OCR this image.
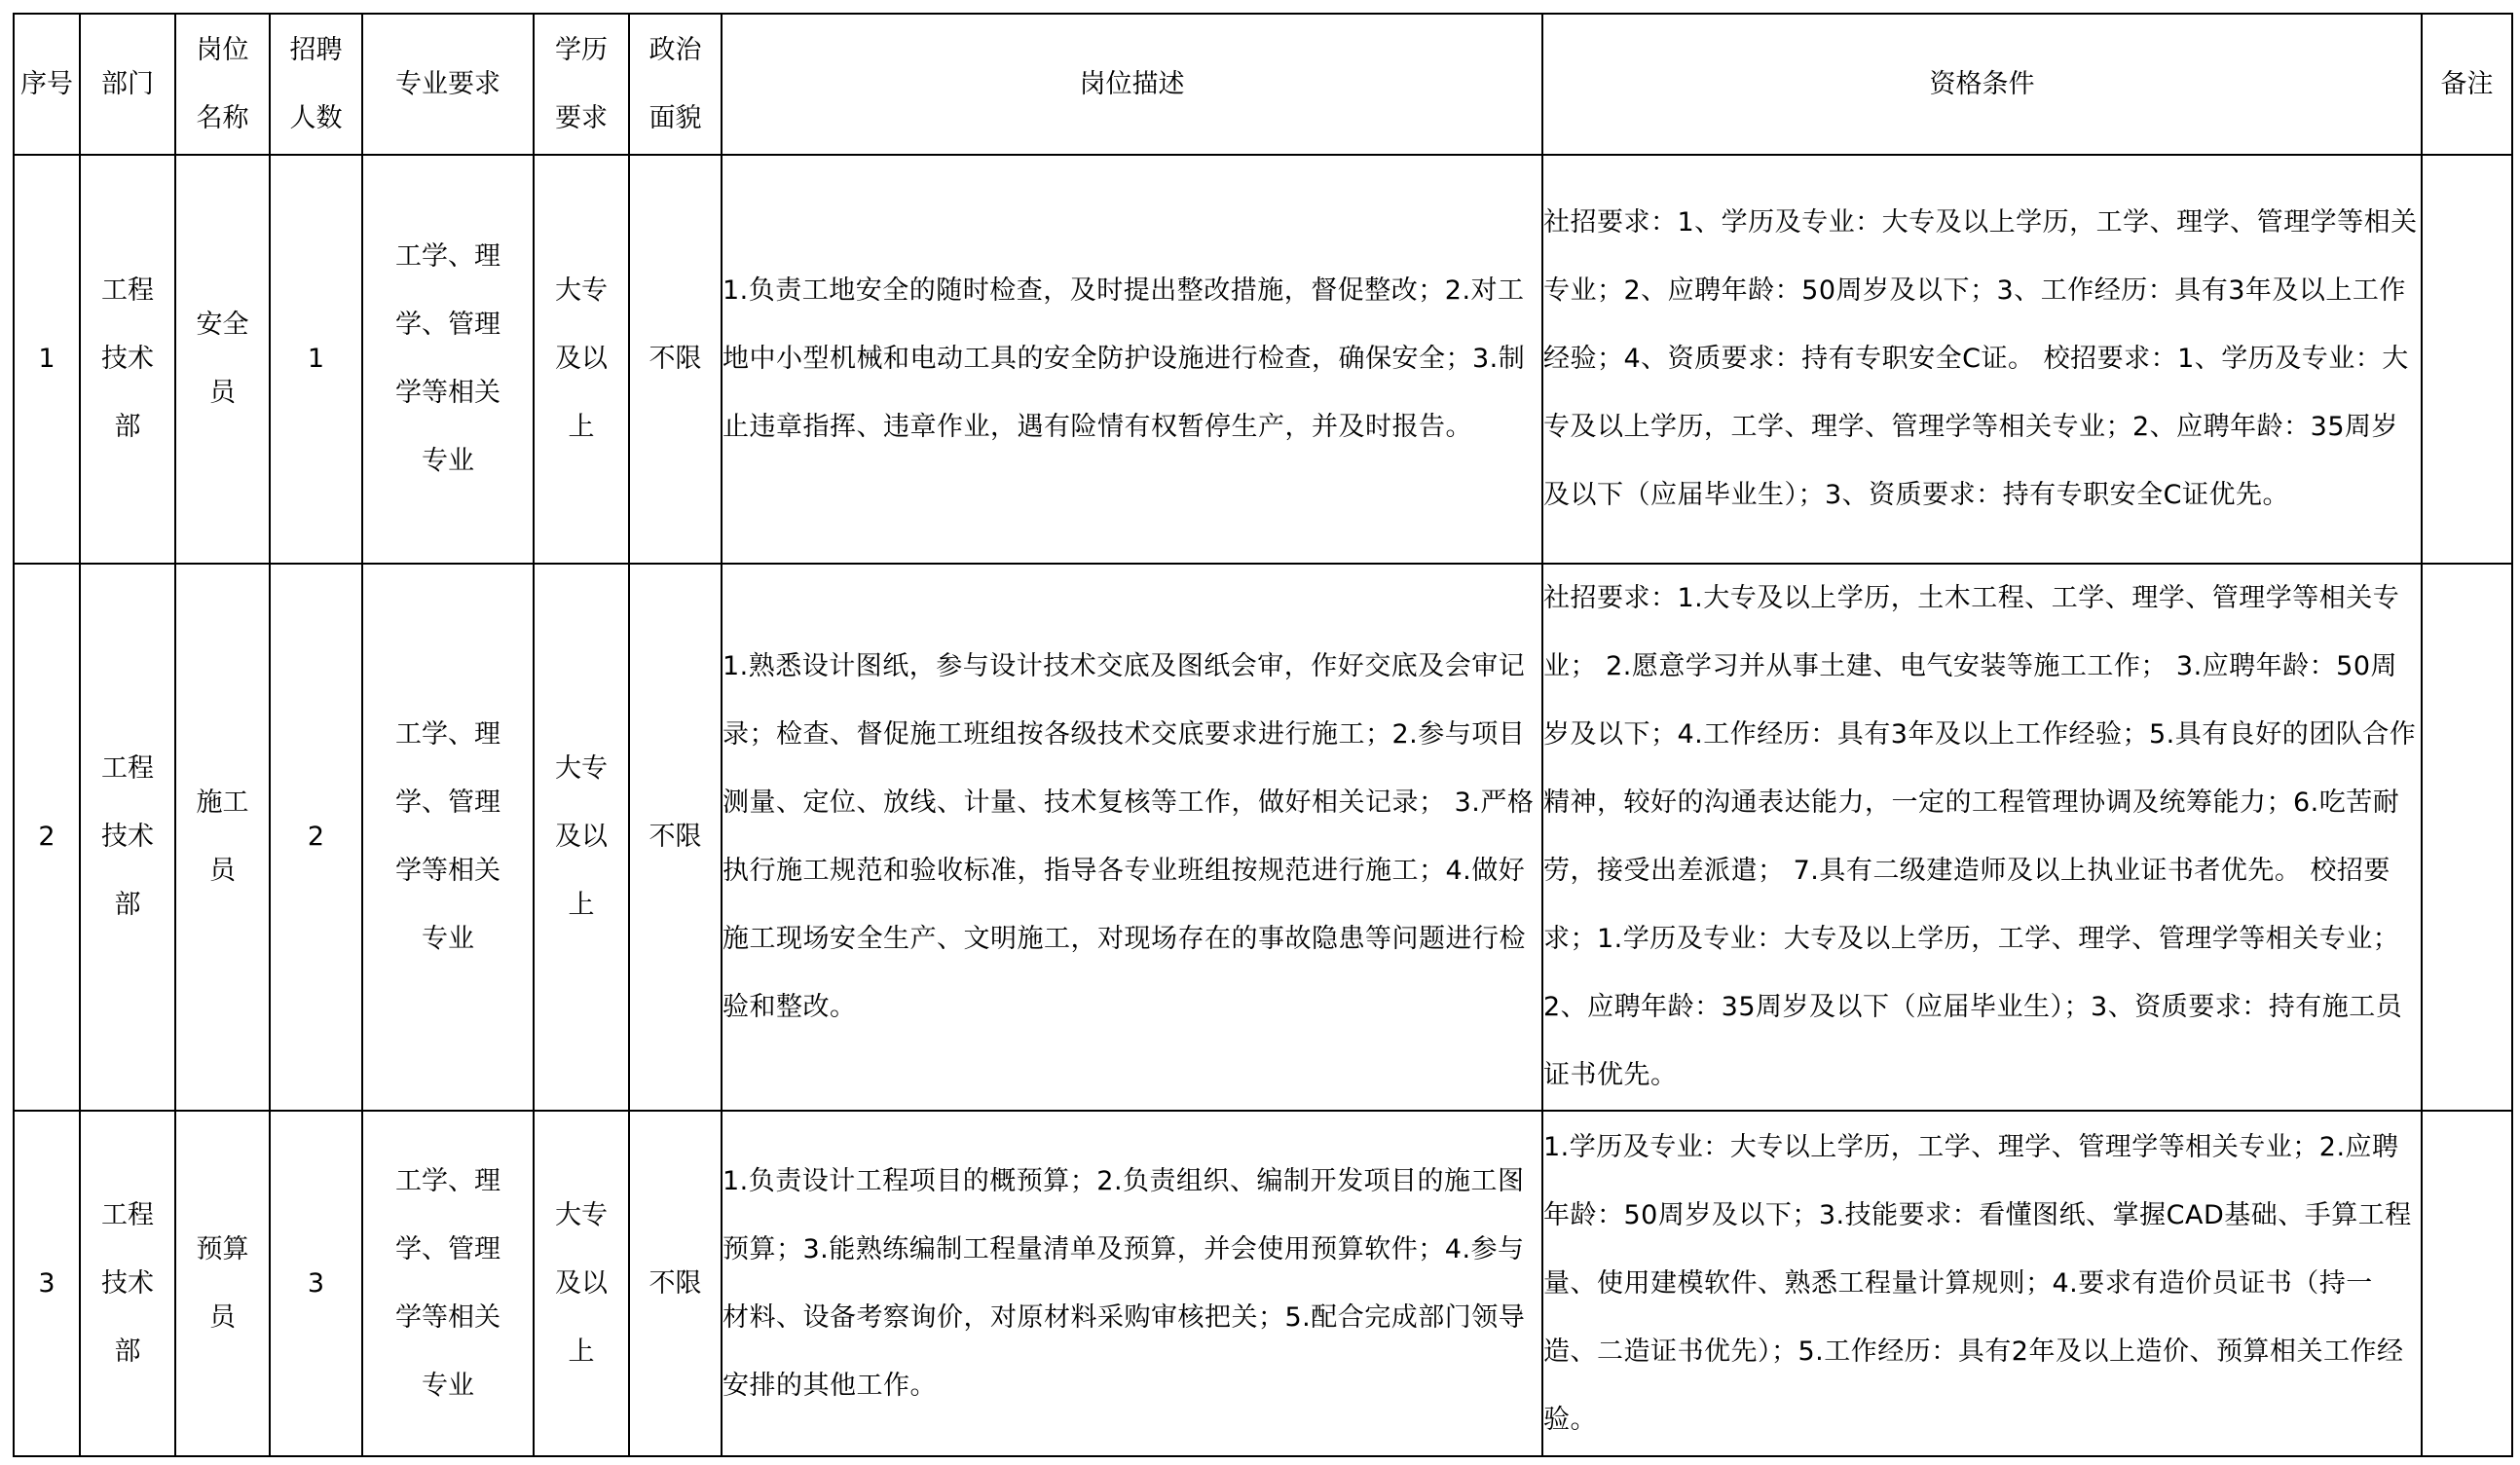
序号	部门	岗位名称	招聘人数	专业要求	学历要求	政治面貌	岗位描述	资格条件	备注
1	工程技术部	安全员	1	工学、理学、管理学等相关专业	大专及以上	不限	1.负责工地安全的随时检查，及时提出整改措施，督促整改；2.对工地中小型机械和电动工具的安全防护设施进行检查，确保安全；3.制止违章指挥、违章作业，遇有险情有权暂停生产，并及时报告。	社招要求：1、学历及专业：大专及以上学历，工学、理学、管理学等相关专业；2、应聘年龄：50周岁及以下；3、工作经历：具有3年及以上工作经验；4、资质要求：持有专职安全C证。 校招要求：1、学历及专业：大专及以上学历，工学、理学、管理学等相关专业；2、应聘年龄：35周岁及以下（应届毕业生）；3、资质要求：持有专职安全C证优先。	
2	工程技术部	施工员	2	工学、理学、管理学等相关专业	大专及以上	不限	1.熟悉设计图纸，参与设计技术交底及图纸会审，作好交底及会审记录；检查、督促施工班组按各级技术交底要求进行施工；2.参与项目测量、定位、放线、计量、技术复核等工作，做好相关记录； 3.严格执行施工规范和验收标准，指导各专业班组按规范进行施工；4.做好施工现场安全生产、文明施工，对现场存在的事故隐患等问题进行检验和整改。	社招要求：1.大专及以上学历，土木工程、工学、理学、管理学等相关专业； 2.愿意学习并从事土建、电气安装等施工工作； 3.应聘年龄：50周岁及以下；4.工作经历：具有3年及以上工作经验；5.具有良好的团队合作精神，较好的沟通表达能力，一定的工程管理协调及统筹能力；6.吃苦耐劳，接受出差派遣； 7.具有二级建造师及以上执业证书者优先。 校招要求；1.学历及专业：大专及以上学历，工学、理学、管理学等相关专业；2、应聘年龄：35周岁及以下（应届毕业生）；3、资质要求：持有施工员证书优先。	
3	工程技术部	预算员	3	工学、理学、管理学等相关专业	大专及以上	不限	1.负责设计工程项目的概预算；2.负责组织、编制开发项目的施工图预算；3.能熟练编制工程量清单及预算，并会使用预算软件；4.参与材料、设备考察询价，对原材料采购审核把关；5.配合完成部门领导安排的其他工作。	1.学历及专业：大专以上学历，工学、理学、管理学等相关专业；2.应聘年龄：50周岁及以下；3.技能要求：看懂图纸、掌握CAD基础、手算工程量、使用建模软件、熟悉工程量计算规则；4.要求有造价员证书（持一造、二造证书优先）；5.工作经历：具有2年及以上造价、预算相关工作经验。	
